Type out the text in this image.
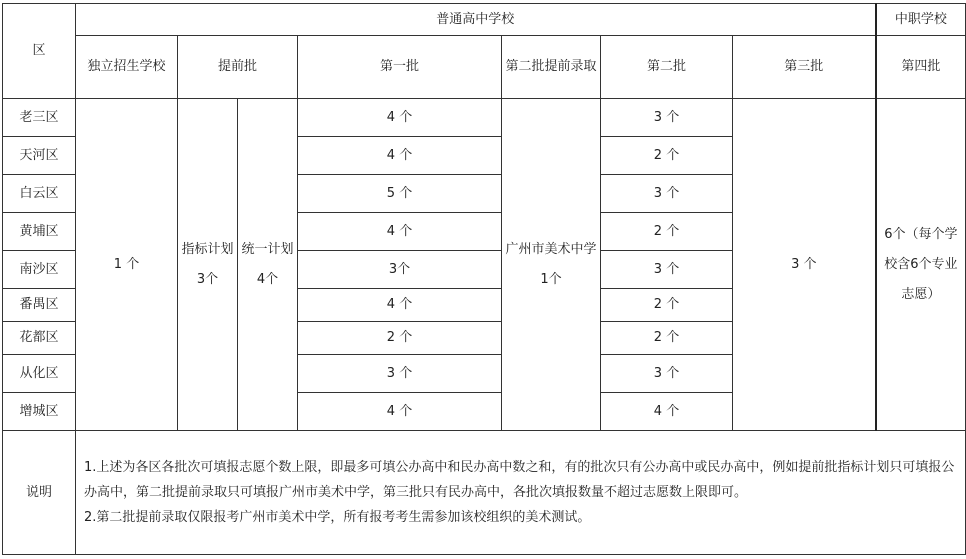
区	普通高中学校							中职学校
	独立招生学校	提前批		第一批	第二批提前录取	第二批	第三批	第四批
老三区	1 个	指标计划3个	统一计划4个	4 个	广州市美术中学1个	3 个	3 个	6个（每个学校含6个专业志愿）
天河区				4 个		2 个		
白云区				5 个		3 个		
黄埔区				4 个		2 个		
南沙区				3个		3 个		
番禺区				4 个		2 个		
花都区				2 个		2 个		
从化区				3 个		3 个		
增城区				4 个		4 个		
说明	1.上述为各区各批次可填报志愿个数上限，即最多可填公办高中和民办高中数之和，有的批次只有公办高中或民办高中，例如提前批指标计划只可填报公办高中，第二批提前录取只可填报广州市美术中学，第三批只有民办高中，各批次填报数量不超过志愿数上限即可。
2.第二批提前录取仅限报考广州市美术中学，所有报考考生需参加该校组织的美术测试。							
